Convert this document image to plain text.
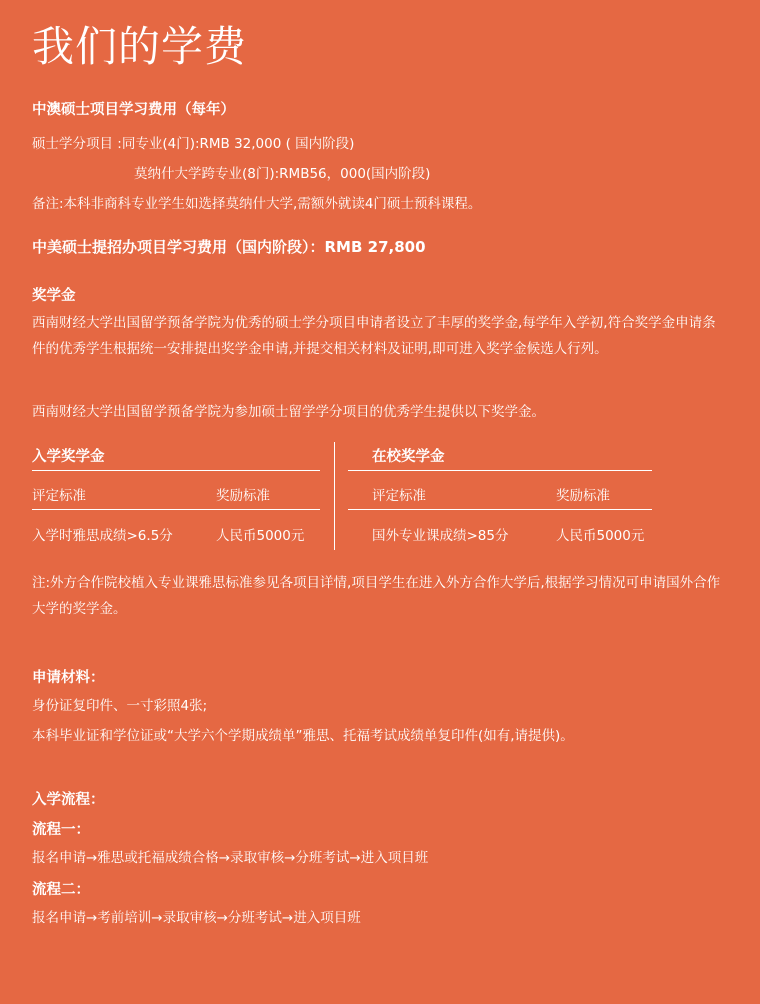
我们的学费
中澳硕士项目学习费用（每年）
硕士学分项目 :同专业(4门):RMB 32,000 ( 国内阶段)
莫纳什大学跨专业(8门):RMB56，000(国内阶段)
备注:本科非商科专业学生如选择莫纳什大学,需额外就读4门硕士预科课程。
中美硕士提招办项目学习费用（国内阶段）：RMB 27,800
奖学金
西南财经大学出国留学预备学院为优秀的硕士学分项目申请者设立了丰厚的奖学金,每学年入学初,符合奖学金申请条件的优秀学生根据统一安排提出奖学金申请,并提交相关材料及证明,即可进入奖学金候选人行列。
西南财经大学出国留学预备学院为参加硕士留学学分项目的优秀学生提供以下奖学金。
入学奖学金	在校奖学金
评定标准	奖励标准	评定标准	奖励标准
入学时雅思成绩>6.5分	人民币5000元	国外专业课成绩>85分	人民币5000元
注:外方合作院校植入专业课雅思标准参见各项目详情,项目学生在进入外方合作大学后,根据学习情况可申请国外合作大学的奖学金。
申请材料：
身份证复印件、一寸彩照4张;
本科毕业证和学位证或“大学六个学期成绩单”雅思、托福考试成绩单复印件(如有,请提供)。
入学流程：
流程一：
报名申请→雅思或托福成绩合格→录取审核→分班考试→进入项目班
流程二：
报名申请→考前培训→录取审核→分班考试→进入项目班
